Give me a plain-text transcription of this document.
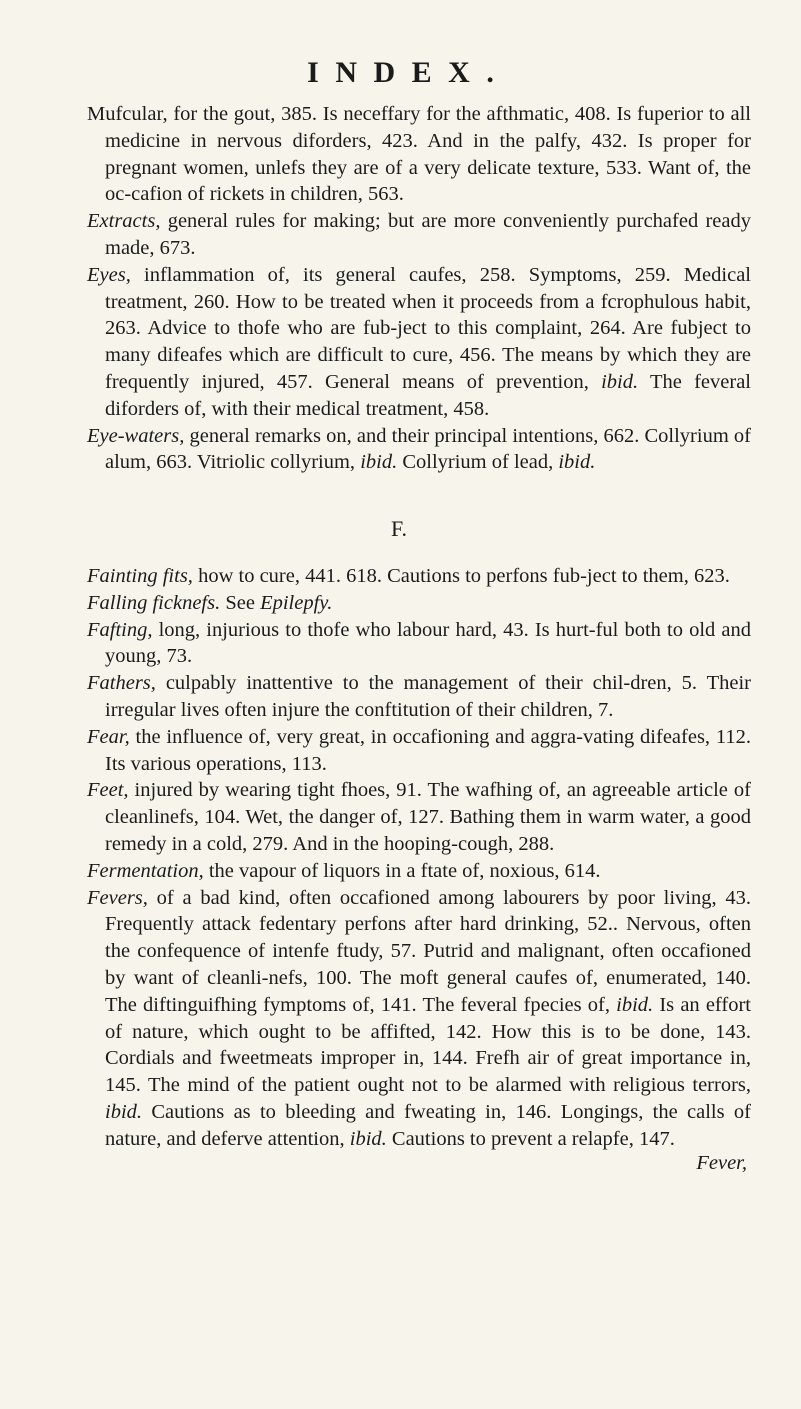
INDEX.

Mufcular, for the gout, 385. Is neceffary for the afthmatic, 408. Is fuperior to all medicine in nervous diforders, 423. And in the palfy, 432. Is proper for pregnant women, unlefs they are of a very delicate texture, 533. Want of, the oc-cafion of rickets in children, 563.

Extracts, general rules for making; but are more conveniently purchafed ready made, 673.

Eyes, inflammation of, its general caufes, 258. Symptoms, 259. Medical treatment, 260. How to be treated when it proceeds from a fcrophulous habit, 263. Advice to thofe who are fub-ject to this complaint, 264. Are fubject to many difeafes which are difficult to cure, 456. The means by which they are frequently injured, 457. General means of prevention, ibid. The feveral diforders of, with their medical treatment, 458.

Eye-waters, general remarks on, and their principal intentions, 662. Collyrium of alum, 663. Vitriolic collyrium, ibid. Collyrium of lead, ibid.

F.

Fainting fits, how to cure, 441. 618. Cautions to perfons fub-ject to them, 623.

Falling ficknefs. See Epilepfy.

Fafting, long, injurious to thofe who labour hard, 43. Is hurt-ful both to old and young, 73.

Fathers, culpably inattentive to the management of their chil-dren, 5. Their irregular lives often injure the conftitution of their children, 7.

Fear, the influence of, very great, in occafioning and aggra-vating difeafes, 112. Its various operations, 113.

Feet, injured by wearing tight fhoes, 91. The wafhing of, an agreeable article of cleanlinefs, 104. Wet, the danger of, 127. Bathing them in warm water, a good remedy in a cold, 279. And in the hooping-cough, 288.

Fermentation, the vapour of liquors in a ftate of, noxious, 614.

Fevers, of a bad kind, often occafioned among labourers by poor living, 43. Frequently attack fedentary perfons after hard drinking, 52.. Nervous, often the confequence of intenfe ftudy, 57. Putrid and malignant, often occafioned by want of cleanli-nefs, 100. The moft general caufes of, enumerated, 140. The diftinguifhing fymptoms of, 141. The feveral fpecies of, ibid. Is an effort of nature, which ought to be affifted, 142. How this is to be done, 143. Cordials and fweetmeats improper in, 144. Frefh air of great importance in, 145. The mind of the patient ought not to be alarmed with religious terrors, ibid. Cautions as to bleeding and fweating in, 146. Longings, the calls of nature, and deferve attention, ibid. Cautions to prevent a relapfe, 147.

Fever,
